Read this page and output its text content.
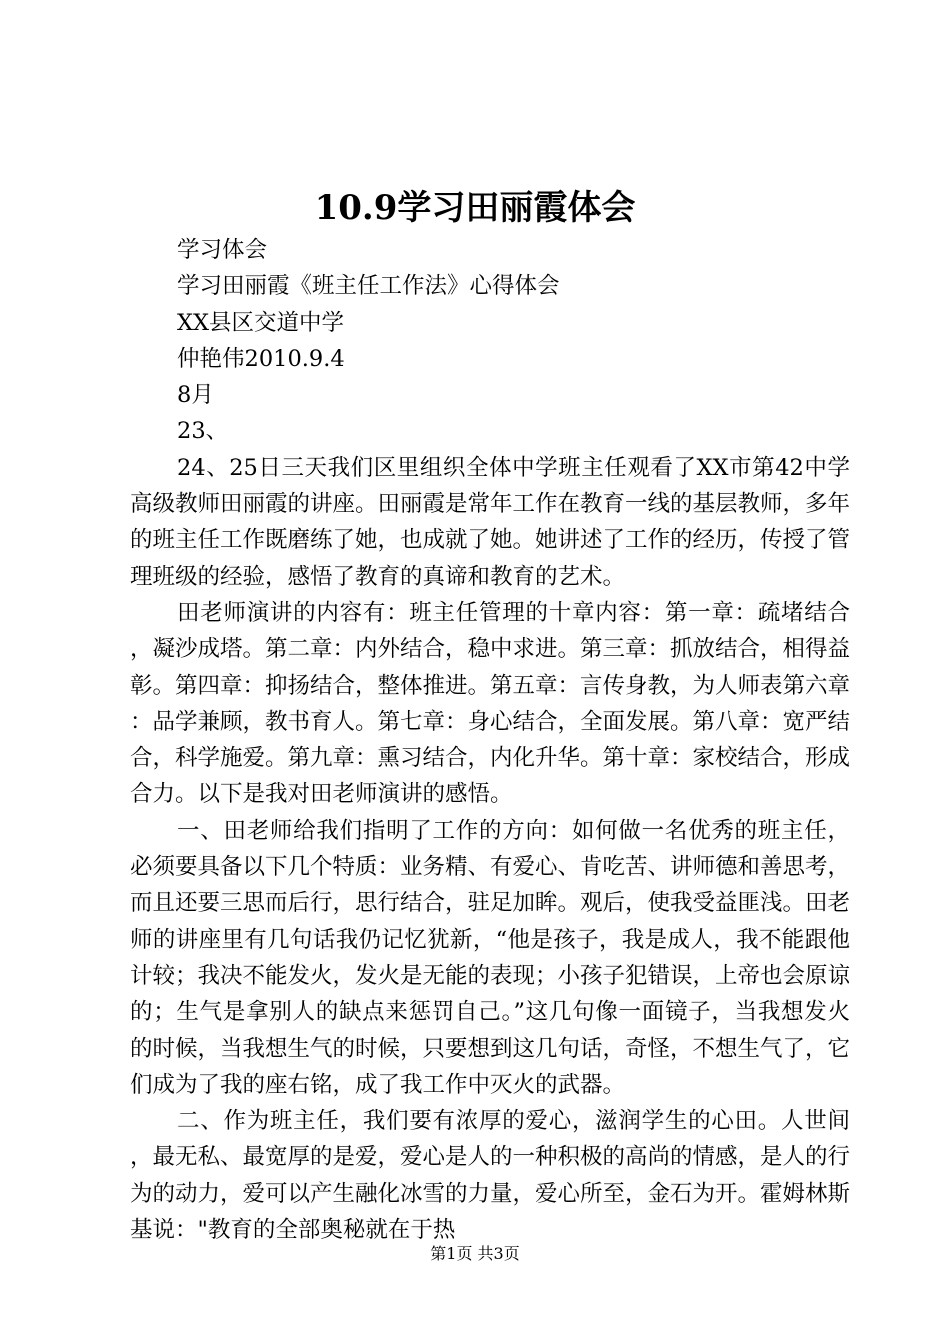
10.9学习田丽霞体会

学习体会

学习田丽霞《班主任工作法》心得体会

XX县区交道中学

仲艳伟2010.9.4

8月

23、

24、25日三天我们区里组织全体中学班主任观看了XX市第42中学高级教师田丽霞的讲座。田丽霞是常年工作在教育一线的基层教师，多年的班主任工作既磨练了她，也成就了她。她讲述了工作的经历，传授了管理班级的经验，感悟了教育的真谛和教育的艺术。

田老师演讲的内容有：班主任管理的十章内容：第一章：疏堵结合，凝沙成塔。第二章：内外结合，稳中求进。第三章：抓放结合，相得益彰。第四章：抑扬结合，整体推进。第五章：言传身教，为人师表第六章：品学兼顾，教书育人。第七章：身心结合，全面发展。第八章：宽严结合，科学施爱。第九章：熏习结合，内化升华。第十章：家校结合，形成合力。以下是我对田老师演讲的感悟。

一、田老师给我们指明了工作的方向：如何做一名优秀的班主任，必须要具备以下几个特质：业务精、有爱心、肯吃苦、讲师德和善思考，而且还要三思而后行，思行结合，驻足加眸。观后，使我受益匪浅。田老师的讲座里有几句话我仍记忆犹新，“他是孩子，我是成人，我不能跟他计较；我决不能发火，发火是无能的表现；小孩子犯错误，上帝也会原谅的；生气是拿别人的缺点来惩罚自己。”这几句像一面镜子，当我想发火的时候，当我想生气的时候，只要想到这几句话，奇怪，不想生气了，它们成为了我的座右铭，成了我工作中灭火的武器。

二、作为班主任，我们要有浓厚的爱心，滋润学生的心田。人世间，最无私、最宽厚的是爱，爱心是人的一种积极的高尚的情感，是人的行为的动力，爱可以产生融化冰雪的力量，爱心所至，金石为开。霍姆林斯基说："教育的全部奥秘就在于热

第1页 共3页
